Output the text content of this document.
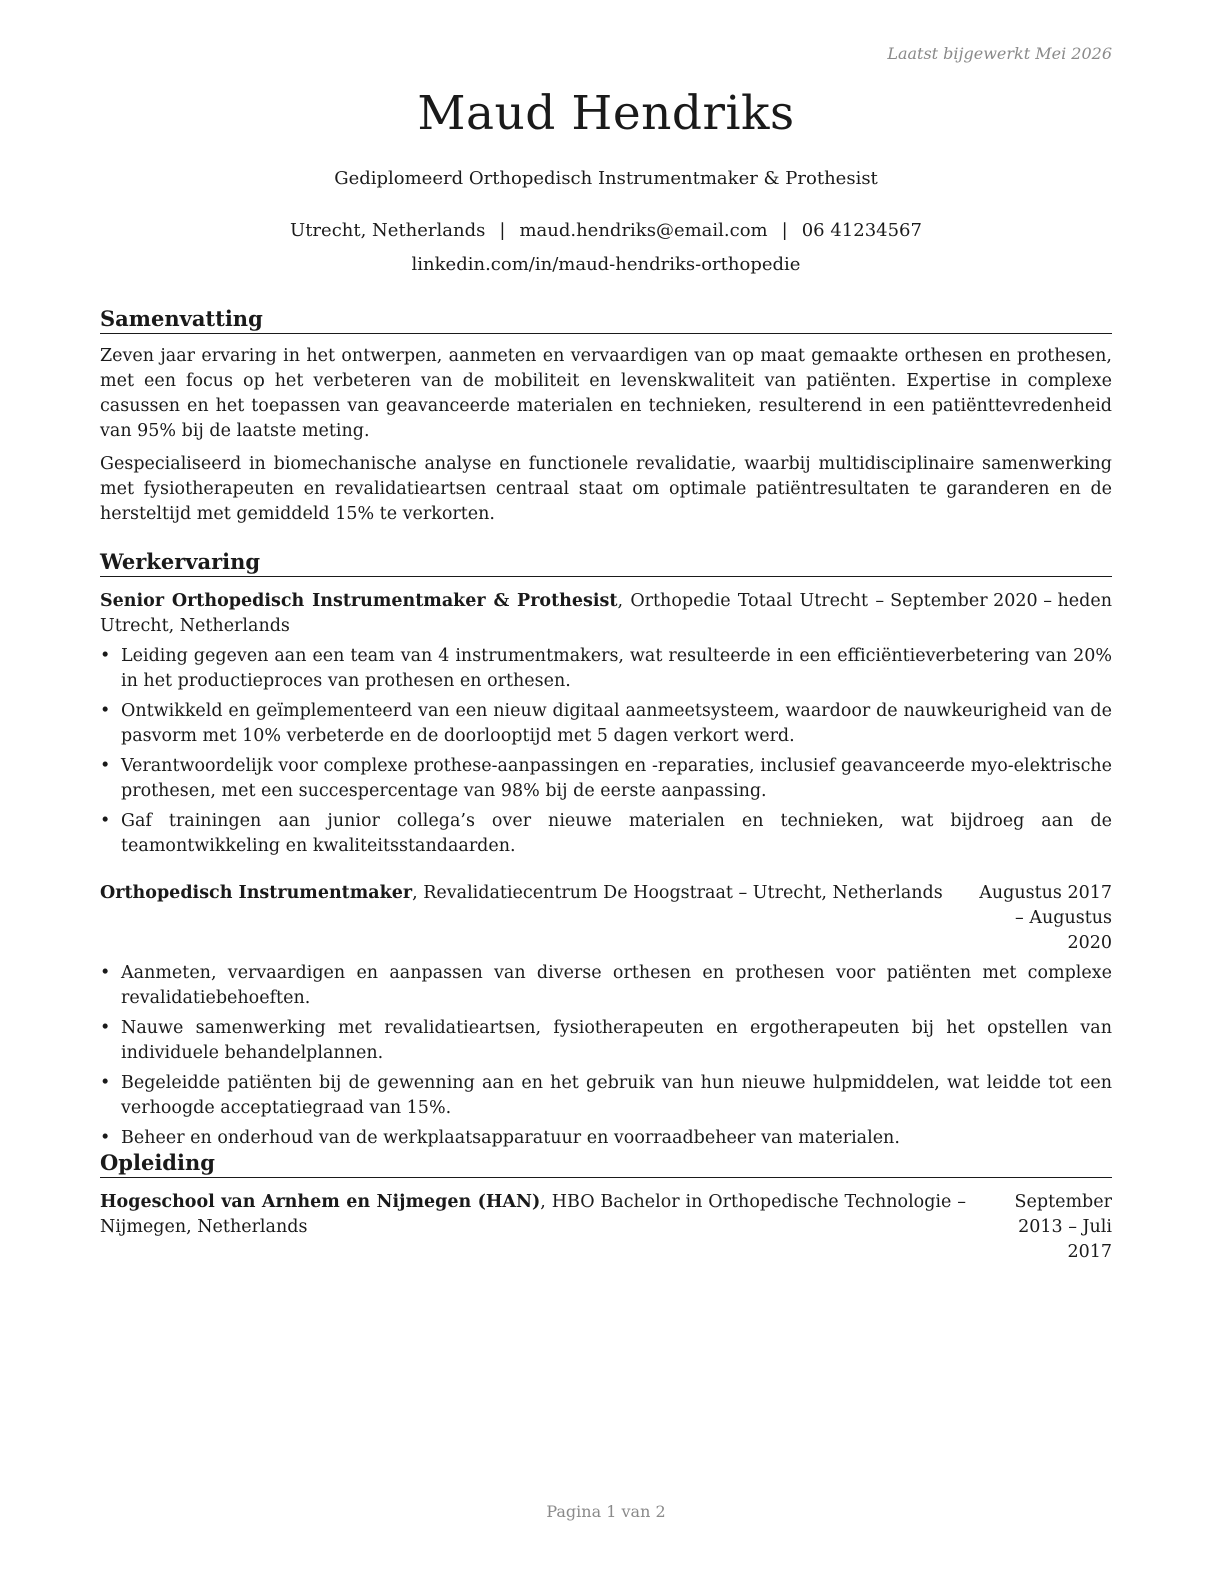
Laatst bijgewerkt Mei 2026
Maud Hendriks
Gediplomeerd Orthopedisch Instrumentmaker & Prothesist
Utrecht, Netherlands | maud.hendriks@email.com | 06 41234567
linkedin.com/in/maud-hendriks-orthopedie
Samenvatting

Zeven jaar ervaring in het ontwerpen, aanmeten en vervaardigen van op maat gemaakte orthesen en prothesen, met een focus op het verbeteren van de mobiliteit en levenskwaliteit van patiënten. Expertise in complexe casussen en het toepassen van geavanceerde materialen en technieken, resulterend in een patiënttevredenheid van 95% bij de laatste meting.

Gespecialiseerd in biomechanische analyse en functionele revalidatie, waarbij multidisciplinaire samenwerking met fysiotherapeuten en revalidatieartsen centraal staat om optimale patiëntresultaten te garanderen en de hersteltijd met gemiddeld 15% te verkorten.

Werkervaring
Senior Orthopedisch Instrumentmaker & Prothesist, Orthopedie Totaal Utrecht – Utrecht, Netherlands
September 2020 – heden
• Leiding gegeven aan een team van 4 instrumentmakers, wat resulteerde in een efficiëntieverbetering van 20% in het productieproces van prothesen en orthesen.
• Ontwikkeld en geïmplementeerd van een nieuw digitaal aanmeetsysteem, waardoor de nauwkeurigheid van de pasvorm met 10% verbeterde en de doorlooptijd met 5 dagen verkort werd.
• Verantwoordelijk voor complexe prothese-aanpassingen en -reparaties, inclusief geavanceerde myo-elektrische prothesen, met een succespercentage van 98% bij de eerste aanpassing.
• Gaf trainingen aan junior collega’s over nieuwe materialen en technieken, wat bijdroeg aan de teamontwikkeling en kwaliteitsstandaarden.
Orthopedisch Instrumentmaker, Revalidatiecentrum De Hoogstraat – Utrecht, Netherlands	Augustus 2017 – Augustus 2020
• Aanmeten, vervaardigen en aanpassen van diverse orthesen en prothesen voor patiënten met complexe revalidatiebehoeften.
• Nauwe samenwerking met revalidatieartsen, fysiotherapeuten en ergotherapeuten bij het opstellen van individuele behandelplannen.
• Begeleidde patiënten bij de gewenning aan en het gebruik van hun nieuwe hulpmiddelen, wat leidde tot een verhoogde acceptatiegraad van 15%.
• Beheer en onderhoud van de werkplaatsapparatuur en voorraadbeheer van materialen.
Opleiding
Hogeschool van Arnhem en Nijmegen (HAN), HBO Bachelor in Orthopedische Technologie – Nijmegen, Netherlands
September 2013 – Juli 2017
Pagina 1 van 2
